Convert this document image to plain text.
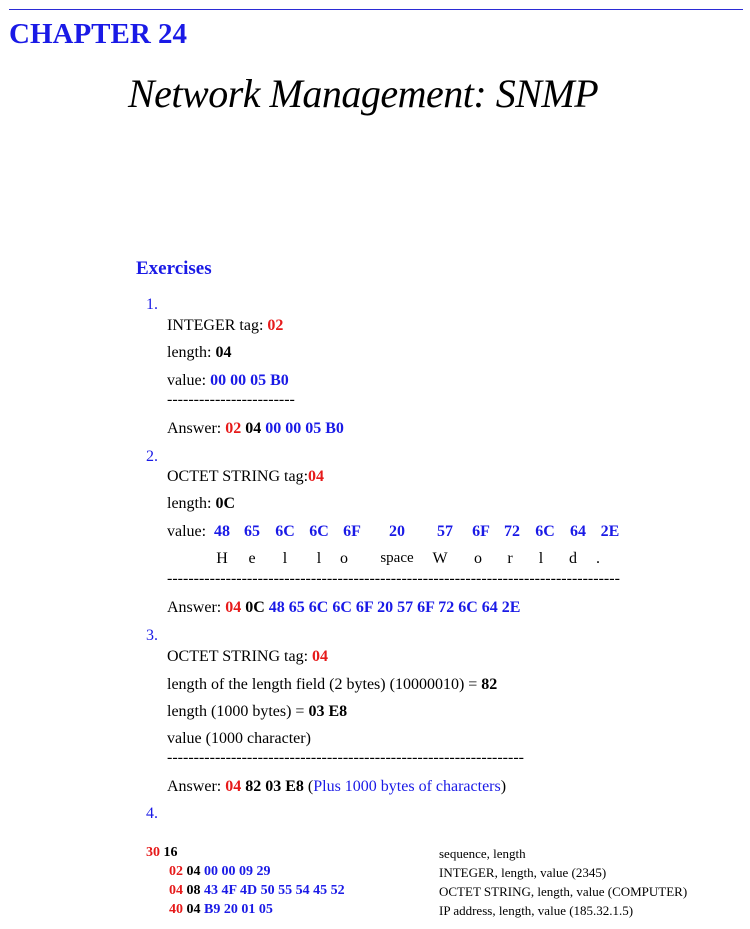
CHAPTER 24
Network Management: SNMP
Exercises
1.
INTEGER tag: 02
length: 04
value: 00 00 05 B0
------------------------
Answer: 02 04 00 00 05 B0
2.
OCTET STRING tag:04
length: 0C
value: 48 65 6C 6C 6F 20 57 6F 72 6C 64 2E
H e l l o space W o r l d .
-------------------------------------------------------------------------------------
Answer: 04 0C 48 65 6C 6C 6F 20 57 6F 72 6C 64 2E
3.
OCTET STRING tag: 04
length of the length field (2 bytes) (10000010) = 82
length (1000 bytes) = 03 E8
value (1000 character)
-------------------------------------------------------------------
Answer: 04 82 03 E8 (Plus 1000 bytes of characters)
4.
30 16	sequence, length
02 04 00 00 09 29	INTEGER, length, value (2345)
04 08 43 4F 4D 50 55 54 45 52	OCTET STRING, length, value (COMPUTER)
40 04 B9 20 01 05	IP address, length, value (185.32.1.5)
